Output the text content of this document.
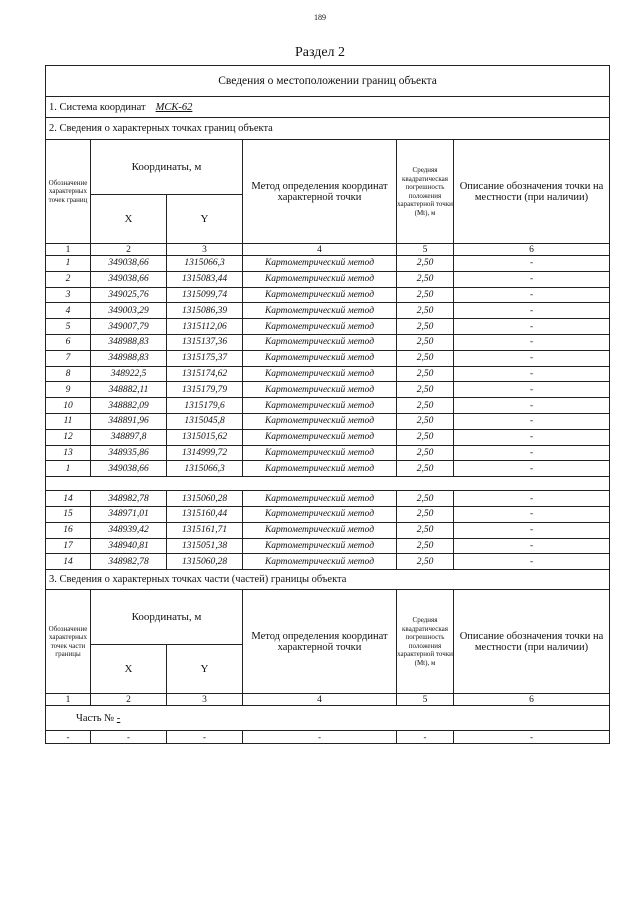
189
Раздел 2
Сведения о местоположении границ объекта					
1. Система координат МСК-62					
2. Сведения о характерных точках границ объекта					
Обозначение характерных точек границ	Координаты, м		Метод определения координат характерной точки	Средняя квадратическая погрешность положения характерной точки (Mt), м	Описание обозначения точки на местности (при наличии)
	X	Y			
1	2	3	4	5	6
1	349038,66	1315066,3	Картометрический метод	2,50	-
2	349038,66	1315083,44	Картометрический метод	2,50	-
3	349025,76	1315099,74	Картометрический метод	2,50	-
4	349003,29	1315086,39	Картометрический метод	2,50	-
5	349007,79	1315112,06	Картометрический метод	2,50	-
6	348988,83	1315137,36	Картометрический метод	2,50	-
7	348988,83	1315175,37	Картометрический метод	2,50	-
8	348922,5	1315174,62	Картометрический метод	2,50	-
9	348882,11	1315179,79	Картометрический метод	2,50	-
10	348882,09	1315179,6	Картометрический метод	2,50	-
11	348891,96	1315045,8	Картометрический метод	2,50	-
12	348897,8	1315015,62	Картометрический метод	2,50	-
13	348935,86	1314999,72	Картометрический метод	2,50	-
1	349038,66	1315066,3	Картометрический метод	2,50	-

14	348982,78	1315060,28	Картометрический метод	2,50	-
15	348971,01	1315160,44	Картометрический метод	2,50	-
16	348939,42	1315161,71	Картометрический метод	2,50	-
17	348940,81	1315051,38	Картометрический метод	2,50	-
14	348982,78	1315060,28	Картометрический метод	2,50	-
3. Сведения о характерных точках части (частей) границы объекта					
Обозначение характерных точек части границы	Координаты, м		Метод определения координат характерной точки	Средняя квадратическая погрешность положения характерной точки (Mt), м	Описание обозначения точки на местности (при наличии)
	X	Y			
1	2	3	4	5	6
Часть № -					
-	-	-	-	-	-
